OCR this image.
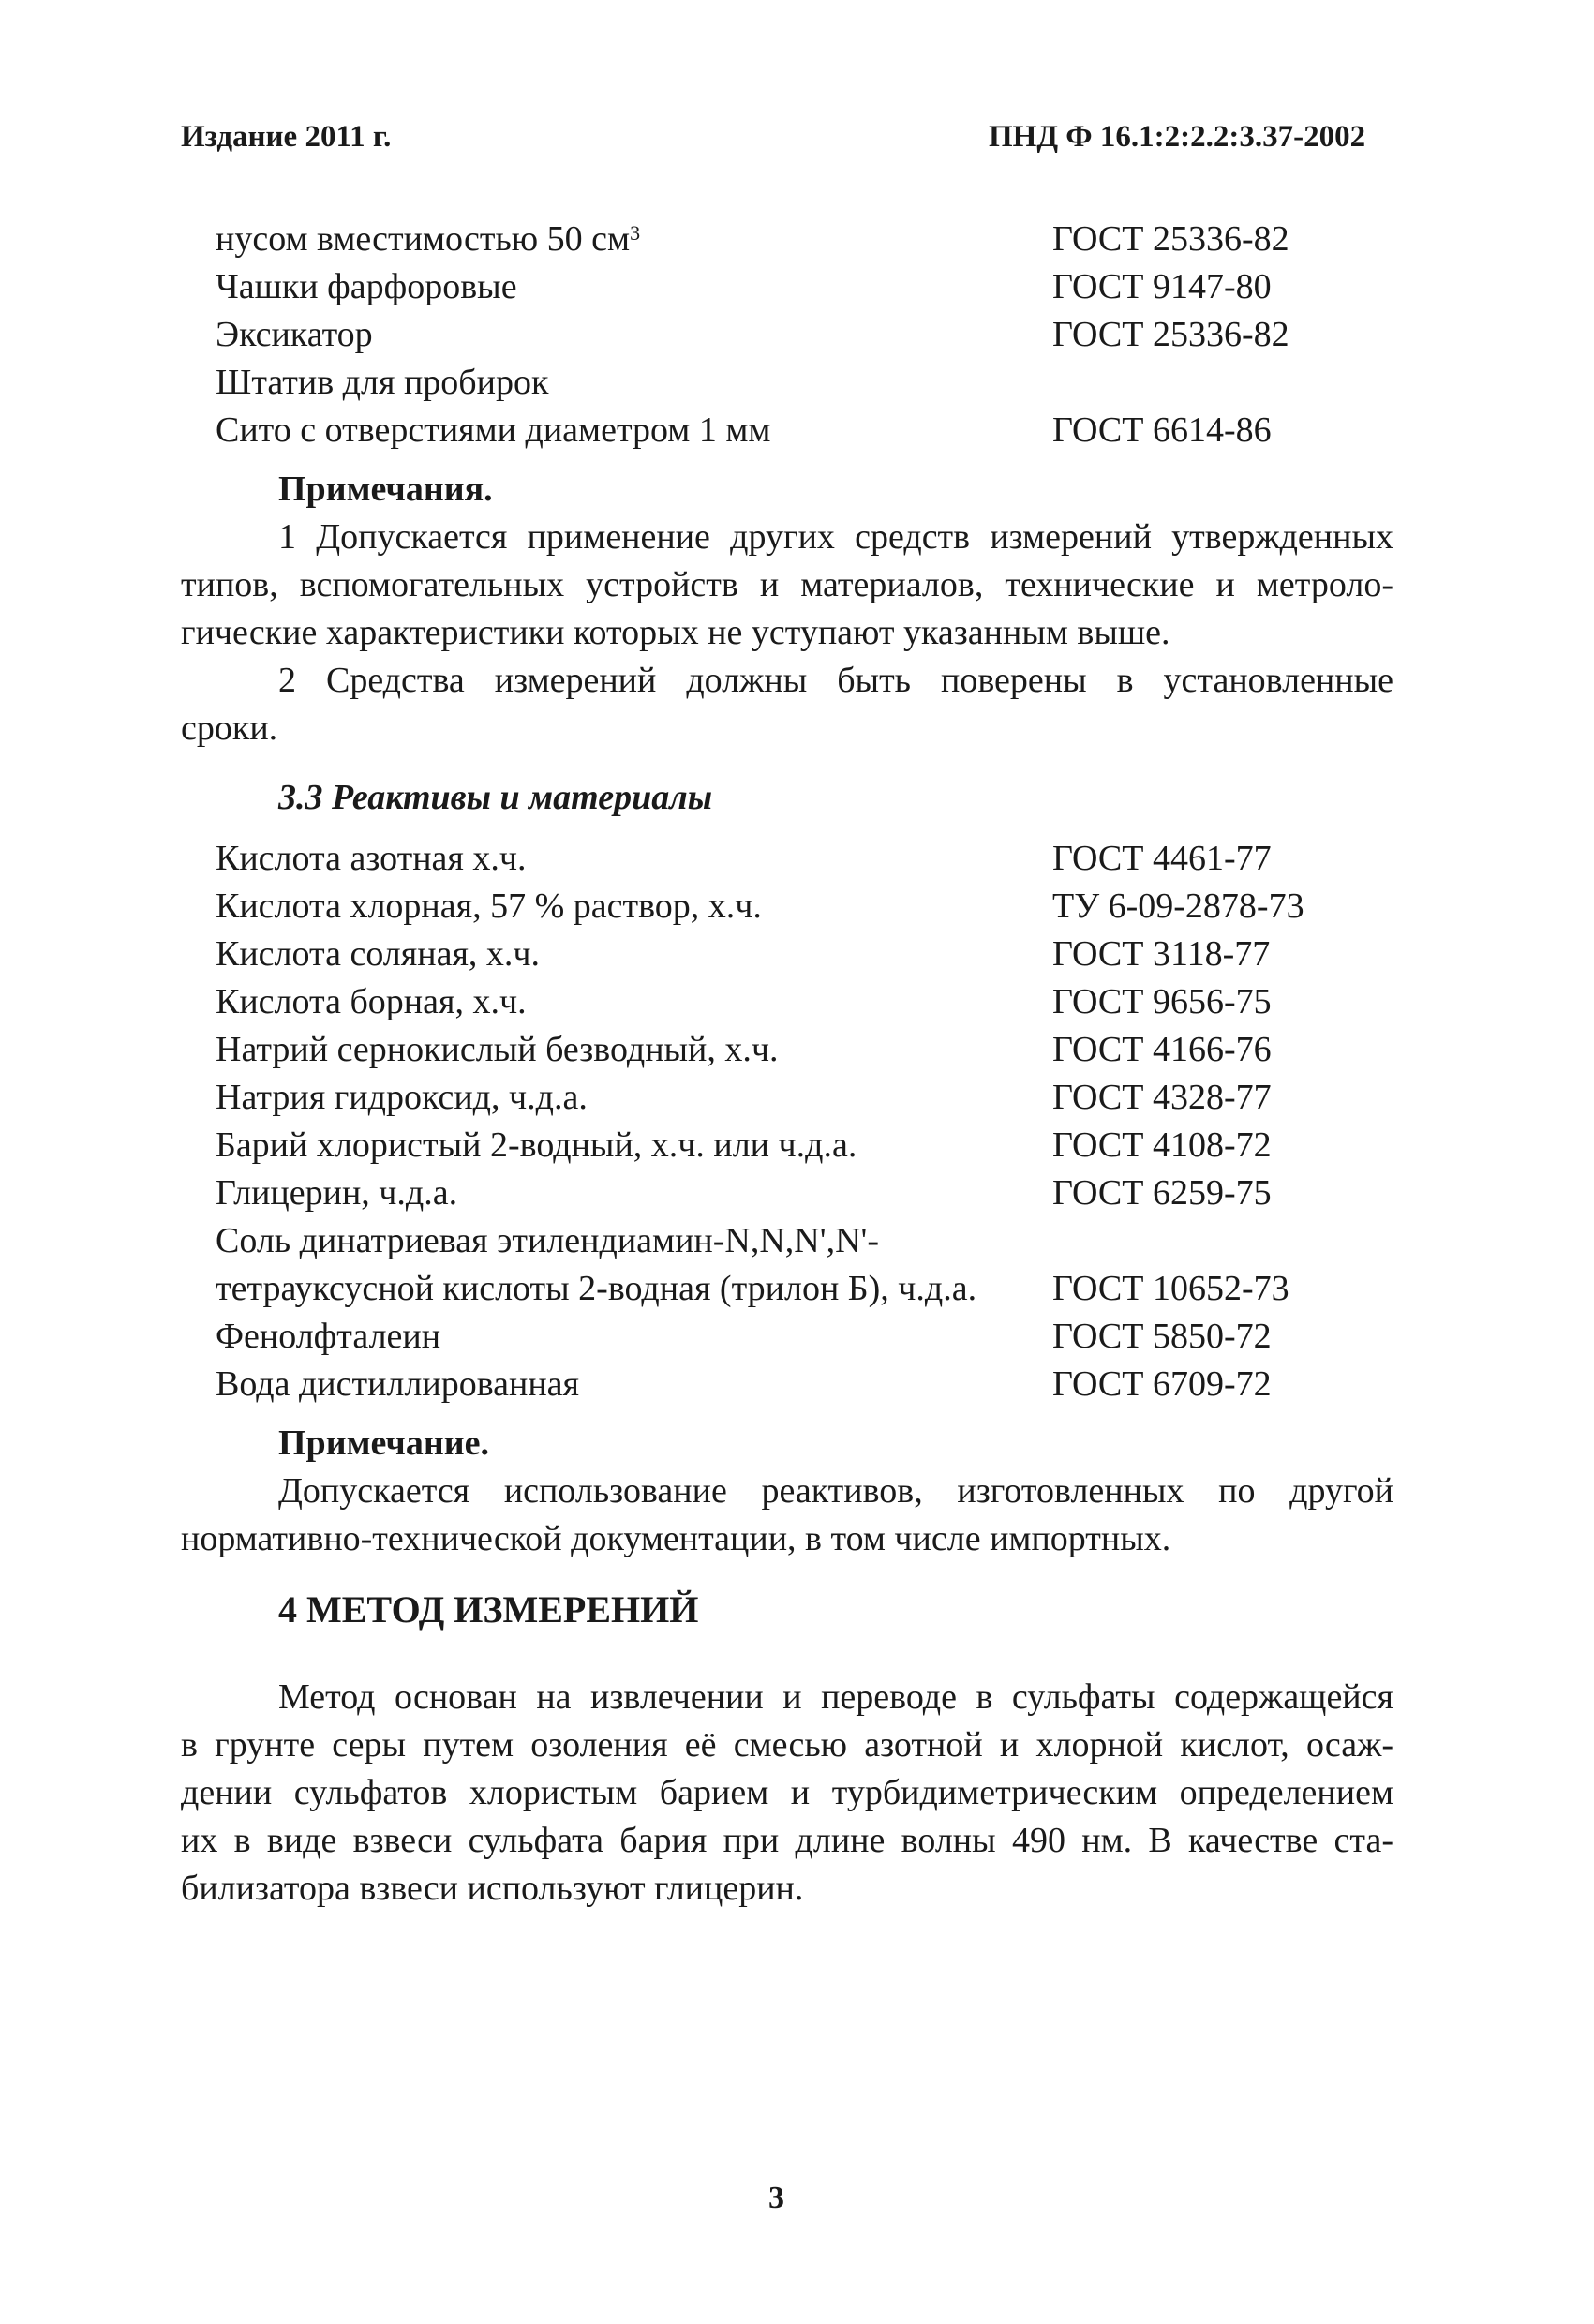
Издание 2011 г.	ПНД Ф 16.1:2:2.2:3.37-2002
нусом вместимостью 50 $см^3$	ГОСТ 25336-82
Чашки фарфоровые	ГОСТ 9147-80
Эксикатор	ГОСТ 25336-82
Штатив для пробирок
Сито с отверстиями диаметром 1 мм	ГОСТ 6614-86
Примечания.
1 Допускается применение других средств измерений утвержденных
типов, вспомогательных устройств и материалов, технические и метроло-
гические характеристики которых не уступают указанным выше.
2 Средства измерений должны быть поверены в установленные
сроки.
3.3 Реактивы и материалы
Кислота азотная х.ч.	ГОСТ 4461-77
Кислота хлорная, 57 % раствор, х.ч.	ТУ 6-09-2878-73
Кислота соляная, х.ч.	ГОСТ 3118-77
Кислота борная, х.ч.	ГОСТ 9656-75
Натрий сернокислый безводный, х.ч.	ГОСТ 4166-76
Натрия гидроксид, ч.д.а.	ГОСТ 4328-77
Барий хлористый 2-водный, х.ч. или ч.д.а.	ГОСТ 4108-72
Глицерин, ч.д.а.	ГОСТ 6259-75
Соль динатриевая этилендиамин-N,N,N',N'-
тетрауксусной кислоты 2-водная (трилон Б), ч.д.а. ГОСТ 10652-73
Фенолфталеин	ГОСТ 5850-72
Вода дистиллированная	ГОСТ 6709-72
Примечание.
Допускается использование реактивов, изготовленных по другой
нормативно-технической документации, в том числе импортных.
4 МЕТОД ИЗМЕРЕНИЙ
Метод основан на извлечении и переводе в сульфаты содержащейся
в грунте серы путем озоления её смесью азотной и хлорной кислот, осаж-
дении сульфатов хлористым барием и турбидиметрическим определением
их в виде взвеси сульфата бария при длине волны 490 нм. В качестве ста-
билизатора взвеси используют глицерин.
3
